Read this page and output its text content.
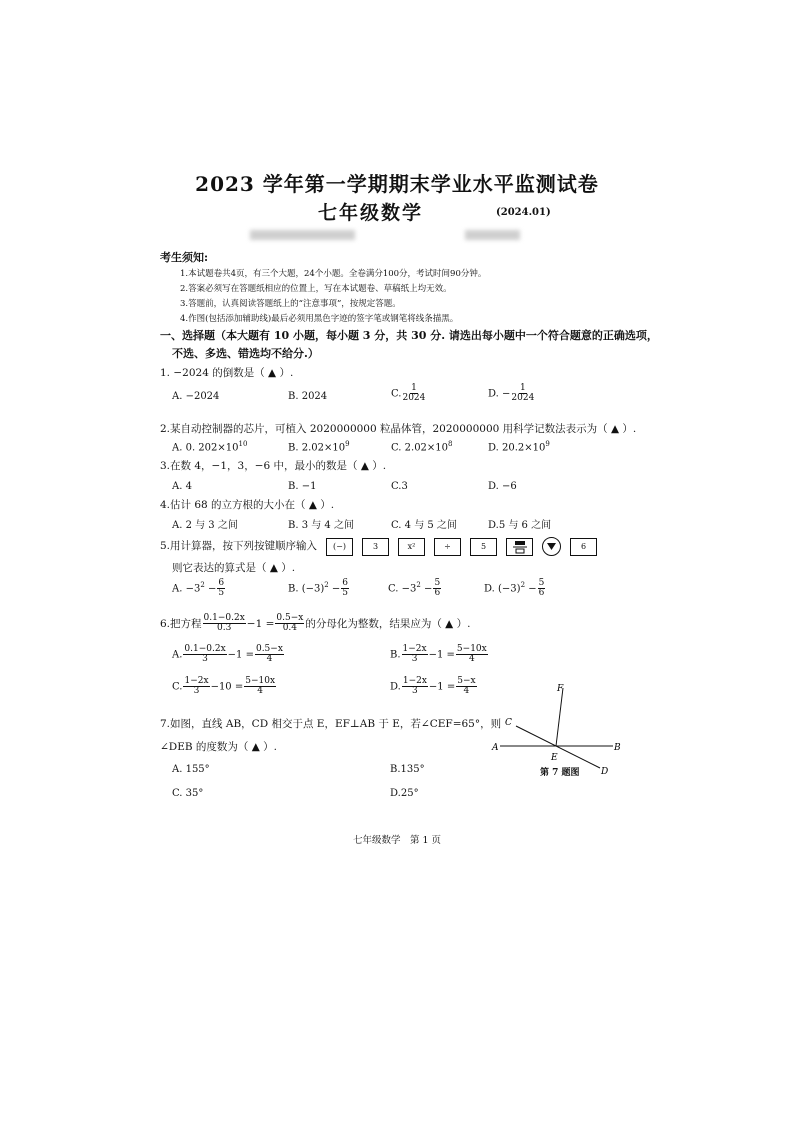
2023 学年第一学期期末学业水平监测试卷
七年级数学	(2024.01)
考生须知:
1.本试题卷共4页，有三个大题，24个小题。全卷满分100分，考试时间90分钟。
2.答案必须写在答题纸相应的位置上，写在本试题卷、草稿纸上均无效。
3.答题前，认真阅读答题纸上的“注意事项”，按规定答题。
4.作图(包括添加辅助线)最后必须用黑色字迹的签字笔或钢笔将线条描黑。
一、选择题（本大题有 10 小题，每小题 3 分，共 30 分. 请选出每小题中一个符合题意的正确选项，
不选、多选、错选均不给分.）
1. −2024 的倒数是（ ▲ ）.
A. −2024	B. 2024	C. $\frac{1}{2024}$	D. − $\frac{1}{2024}$
2.某自动控制器的芯片，可植入 2020000000 粒晶体管，2020000000 用科学记数法表示为（ ▲ ）.
A. 0. $202\times 10^{10}$	B. $2.02\times 10^9$	C. $2.02\times 10^8$	D. $20.2\times 10^9$
3.在数 4，−1，3，−6 中，最小的数是（ ▲ ）.
A. 4	B. −1	C.3	D. −6
4.估计 68 的立方根的大小在（ ▲ ）.
A. 2 与 3 之间	B. 3 与 4 之间	C. 4 与 5 之间	D.5 与 6 之间
5.用计算器，按下列按键顺序输入	(−)	3	x²	÷	5	6
则它表达的算式是（ ▲ ）.
A. $-3^2 - \frac{6}{5}$	B. $(-3)^2 - \frac{6}{5}$	C. $-3^2 - \frac{5}{6}$	D. $(-3)^2 - \frac{5}{6}$
6.把方程 $\frac{0.1-0.2x}{0.3} -1 = \frac{0.5-x}{0.4}$ 的分母化为整数，结果应为（ ▲ ）.
A. $\frac{0.1-0.2x}{3} -1 = \frac{0.5-x}{4}$	B. $\frac{1-2x}{3} -1 = \frac{5-10x}{4}$
C. $\frac{1-2x}{3} -10 = \frac{5-10x}{4}$	D. $\frac{1-2x}{3} -1 = \frac{5-x}{4}$
7.如图，直线 AB，CD 相交于点 E，EF⊥AB 于 E，若∠CEF=65°，则
∠DEB 的度数为（ ▲ ）.
A. 155°	B.135°
C. 35°	D.25°
F
C
A
E
B
D
第 7 题图
七年级数学　第 1 页
